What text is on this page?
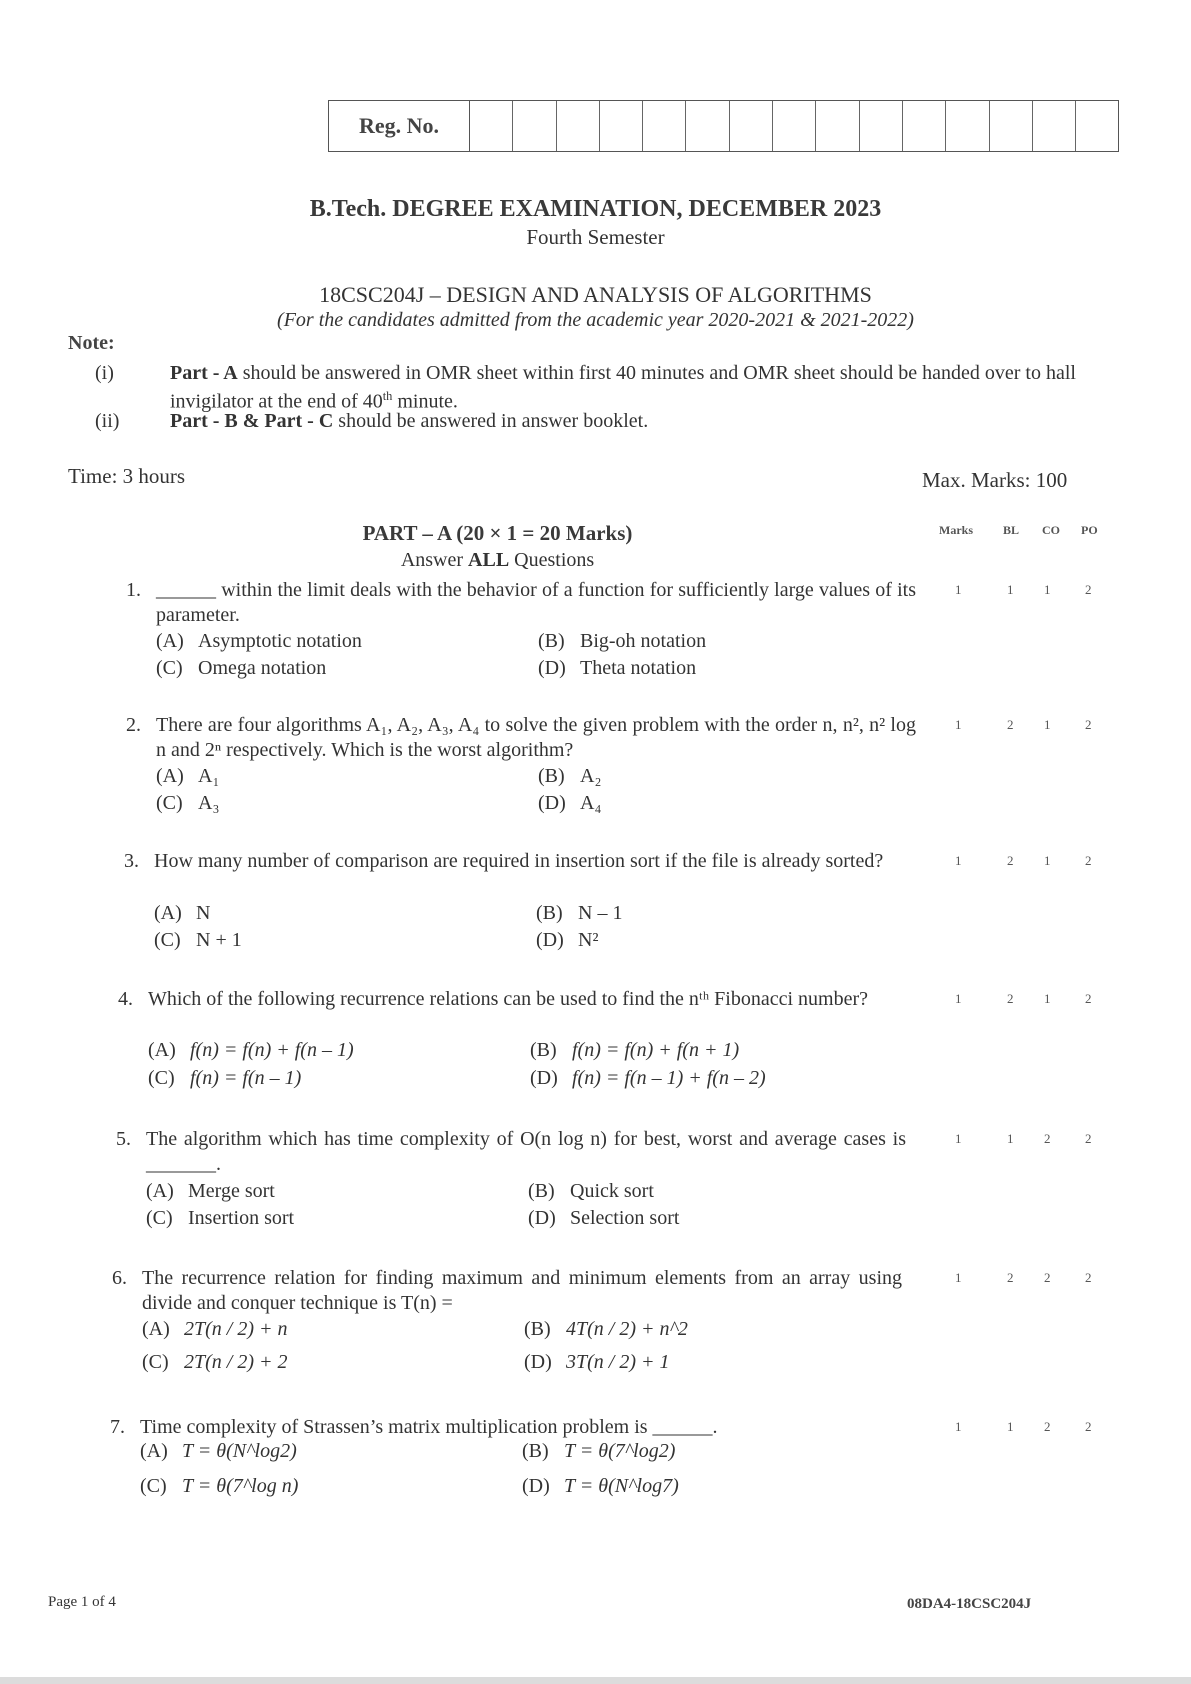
Reg. No.
B.Tech. DEGREE EXAMINATION, DECEMBER 2023
Fourth Semester
18CSC204J – DESIGN AND ANALYSIS OF ALGORITHMS
(For the candidates admitted from the academic year 2020-2021 & 2021-2022)
Note:
(i)	Part - A should be answered in OMR sheet within first 40 minutes and OMR sheet should be handed over to hall invigilator at the end of 40th minute.
(ii)	Part - B & Part - C should be answered in answer booklet.
Time: 3 hours	Max. Marks: 100
PART – A (20 × 1 = 20 Marks)
Answer ALL Questions
Marks	BL CO PO
1. ______ within the limit deals with the behavior of a function for sufficiently large values of its parameter.
(A) Asymptotic notation	(B) Big-oh notation
(C) Omega notation	(D) Theta notation
1	1 1	2
2. There are four algorithms A₁, A₂, A₃, A₄ to solve the given problem with the order n, n², n² log n and 2ⁿ respectively. Which is the worst algorithm?
(A) A₁	(B) A₂
(C) A₃	(D) A₄
1	2 1	2
3. How many number of comparison are required in insertion sort if the file is already sorted?
(A) N	(B) N – 1
(C) N + 1	(D) N²
1	2 1	2
4. Which of the following recurrence relations can be used to find the nᵗʰ Fibonacci number?
(A) f(n) = f(n) + f(n – 1)	(B) f(n) = f(n) + f(n + 1)
(C) f(n) = f(n – 1)	(D) f(n) = f(n – 1) + f(n – 2)
1	2 1	2
5. The algorithm which has time complexity of O(n log n) for best, worst and average cases is _______.
(A) Merge sort	(B) Quick sort
(C) Insertion sort	(D) Selection sort
1	1 2	2
6. The recurrence relation for finding maximum and minimum elements from an array using divide and conquer technique is T(n) =
(A) 2T(n / 2) + n	(B) 4T(n / 2) + n^2
(C) 2T(n / 2) + 2	(D) 3T(n / 2) + 1
1	2 2	2
7. Time complexity of Strassen’s matrix multiplication problem is ______.
(A) T = θ(N^log2)	(B) T = θ(7^log2)
(C) T = θ(7^log n)	(D) T = θ(N^log7)
1	1 2	2
Page 1 of 4	08DA4-18CSC204J
